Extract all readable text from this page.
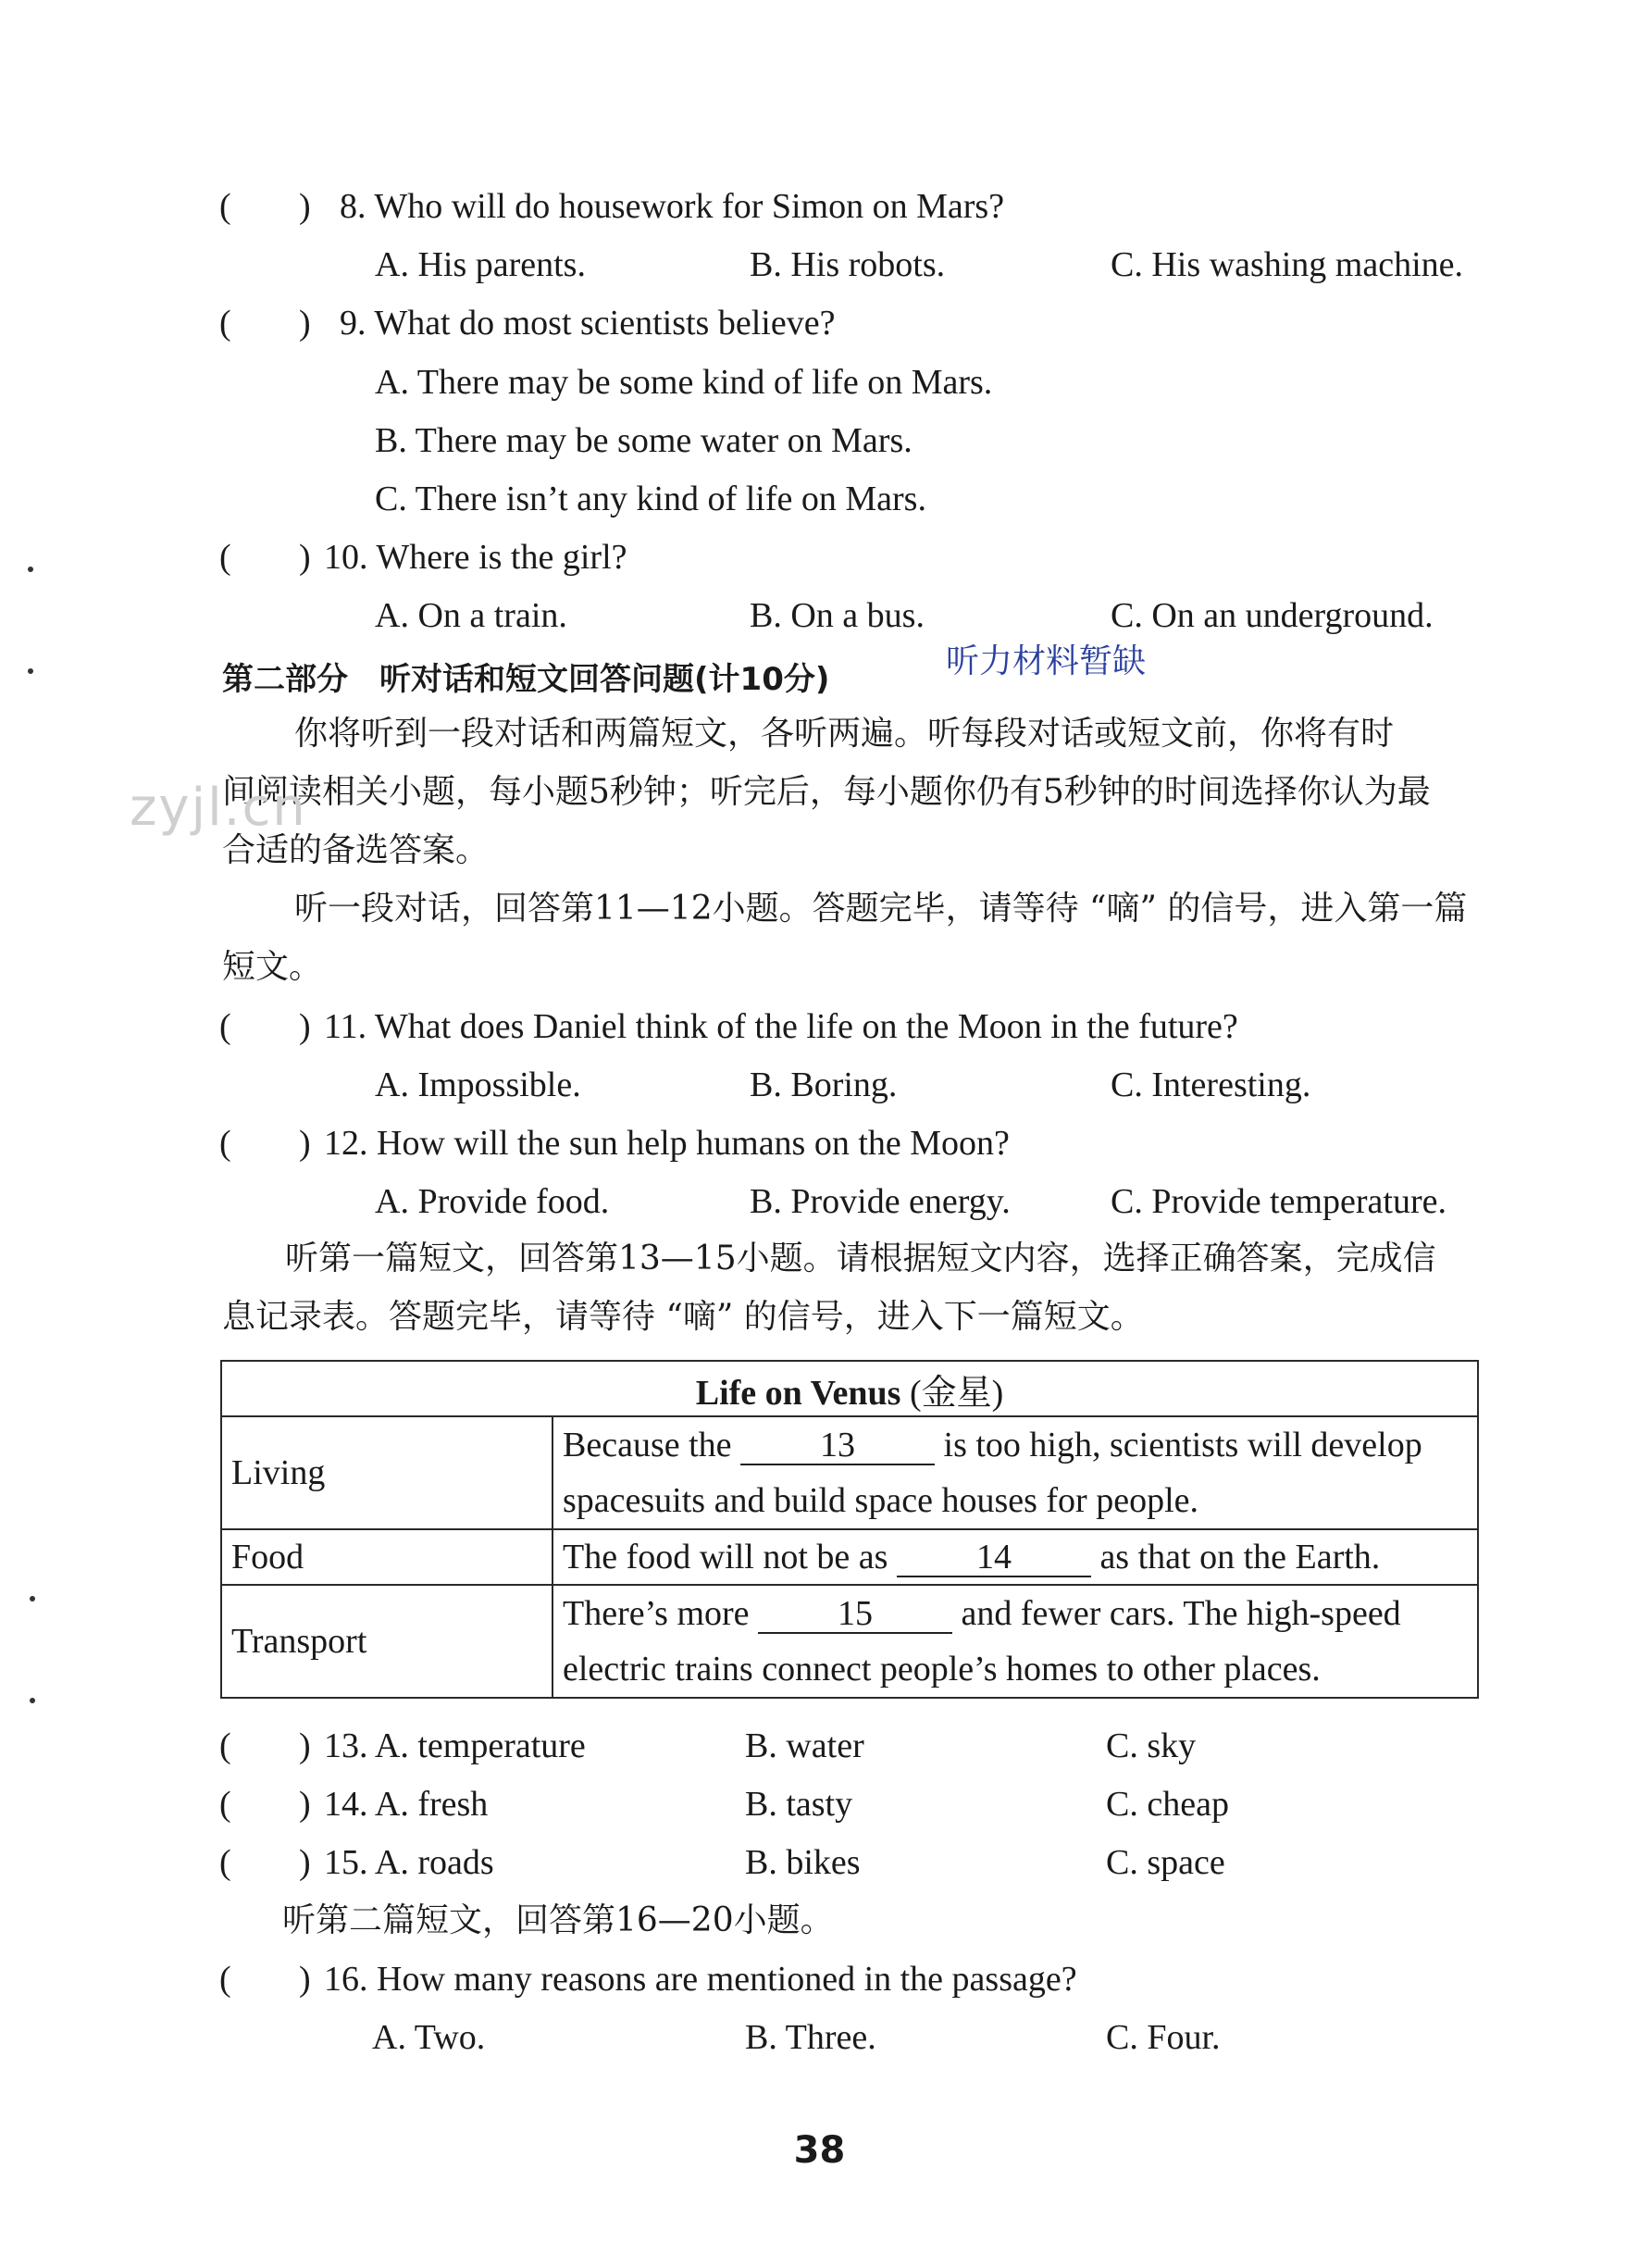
( ) 8. Who will do housework for Simon on Mars?
A. His parents.	B. His robots.	C. His washing machine.
( ) 9. What do most scientists believe?
A. There may be some kind of life on Mars.
B. There may be some water on Mars.
C. There isn’t any kind of life on Mars.
( ) 10. Where is the girl?
A. On a train.	B. On a bus.	C. On an underground.
第二部分　听对话和短文回答问题(计10分)	听力材料暂缺
你将听到一段对话和两篇短文，各听两遍。听每段对话或短文前，你将有时
间阅读相关小题，每小题5秒钟；听完后，每小题你仍有5秒钟的时间选择你认为最
合适的备选答案。
zyjl.cn
听一段对话，回答第11—12小题。答题完毕，请等待 “嘀” 的信号，进入第一篇
短文。
( ) 11. What does Daniel think of the life on the Moon in the future?
A. Impossible.	B. Boring.	C. Interesting.
( ) 12. How will the sun help humans on the Moon?
A. Provide food.	B. Provide energy.	C. Provide temperature.
听第一篇短文，回答第13—15小题。请根据短文内容，选择正确答案，完成信
息记录表。答题完毕，请等待 “嘀” 的信号，进入下一篇短文。
Life on Venus (金星)	
Living	Because the 13 is too high, scientists will develop
spacesuits and build space houses for people.
Food	The food will not be as 14 as that on the Earth.
Transport	There’s more 15 and fewer cars. The high-speed
electric trains connect people’s homes to other places.
( ) 13. A. temperature	B. water	C. sky
( ) 14. A. fresh	B. tasty	C. cheap
( ) 15. A. roads	B. bikes	C. space
听第二篇短文，回答第16—20小题。
( ) 16. How many reasons are mentioned in the passage?
A. Two.	B. Three.	C. Four.
38
